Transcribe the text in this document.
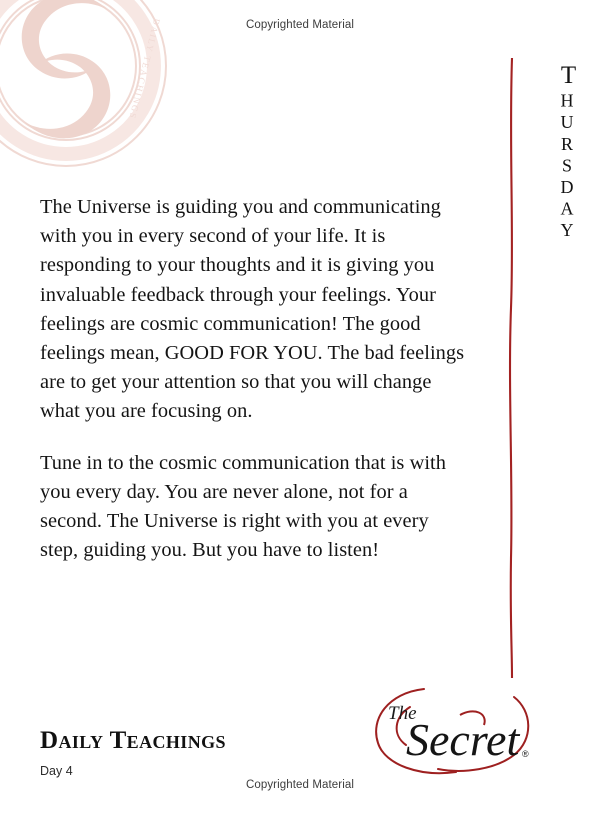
DAILY TEACHINGS	Copyrighted Material
Thursday

The Universe is guiding you and communicating with you in every second of your life. It is responding to your thoughts and it is giving you invaluable feedback through your feelings. Your feelings are cosmic communication! The good feelings mean, GOOD FOR YOU. The bad feelings are to get your attention so that you will change what you are focusing on.

Tune in to the cosmic communication that is with you every day. You are never alone, not for a second. The Universe is right with you at every step, guiding you. But you have to listen!

Daily Teachings
Day 4
The
Secret ®
Copyrighted Material
